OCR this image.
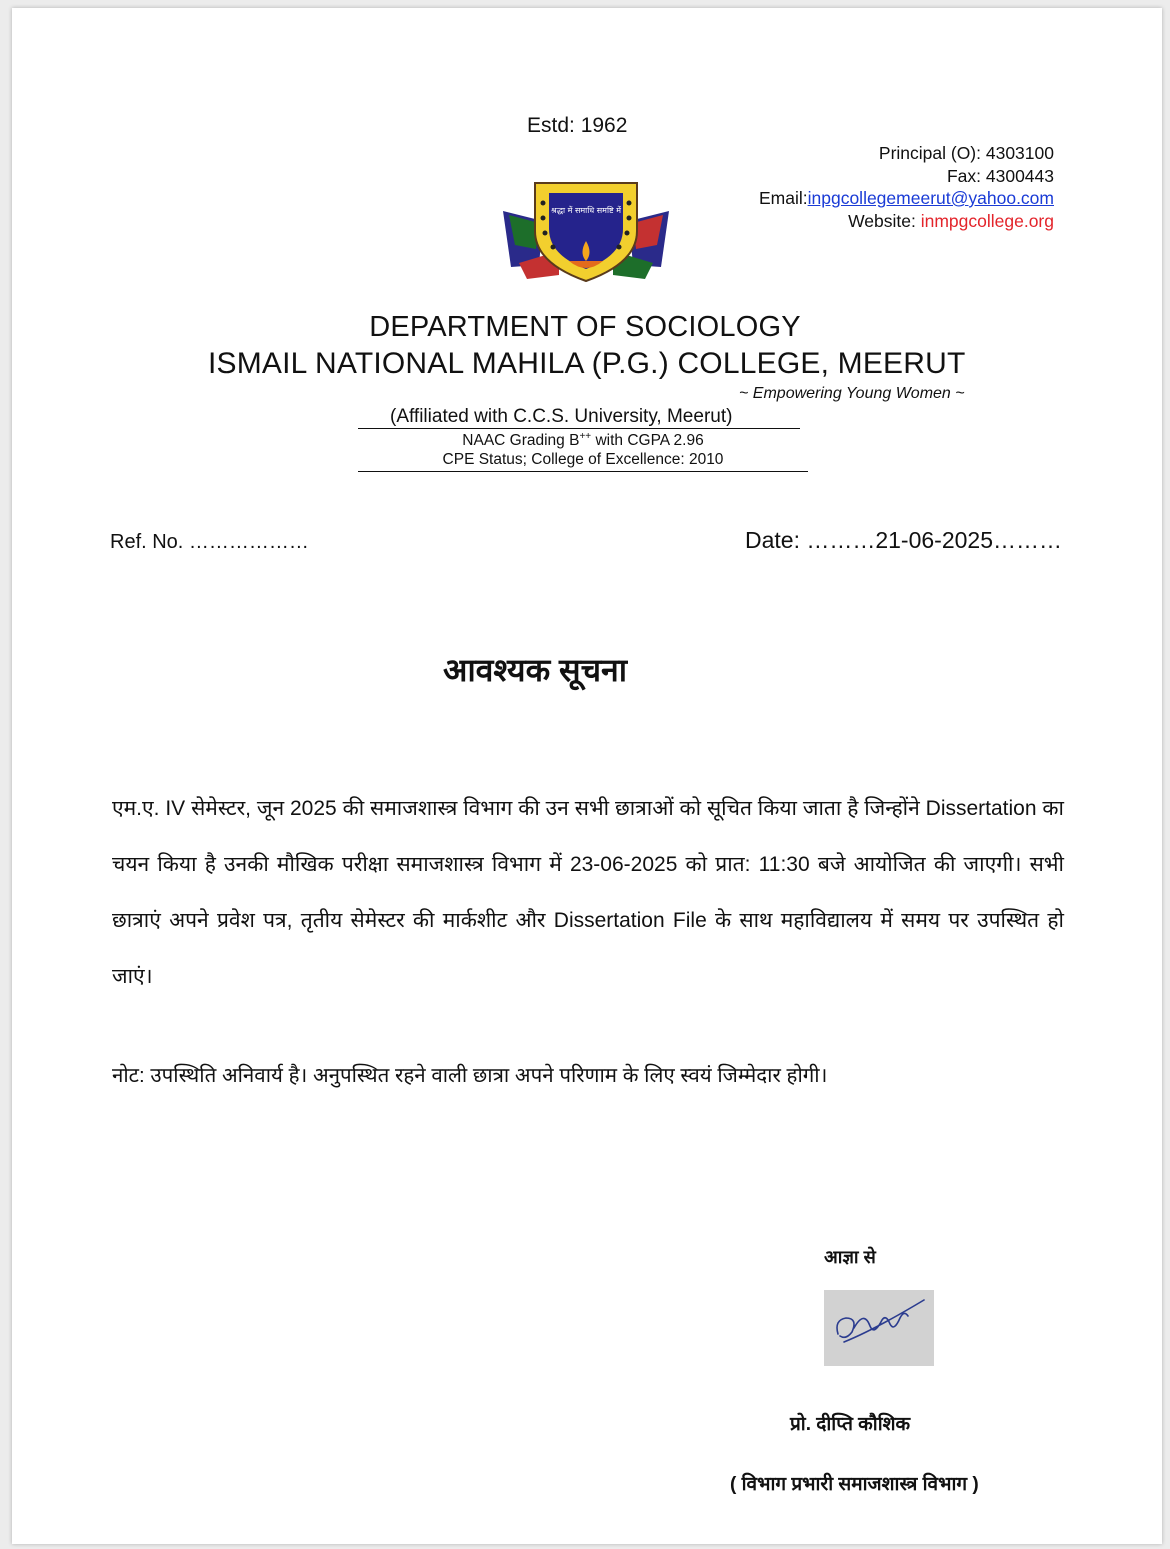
Estd: 1962
Principal (O): 4303100
Fax: 4300443
Email:inpgcollegemeerut@yahoo.com
Website: inmpgcollege.org
श्रद्धा में समाधि समष्टि में
DEPARTMENT OF SOCIOLOGY
ISMAIL NATIONAL MAHILA (P.G.) COLLEGE, MEERUT
~ Empowering Young Women ~
(Affiliated with C.C.S. University, Meerut)
NAAC Grading B++ with CGPA 2.96
CPE Status; College of Excellence: 2010
Ref. No. ………………	Date: ………21-06-2025………
आवश्यक सूचना
एम.ए. IV सेमेस्टर, जून 2025 की समाजशास्त्र विभाग की उन सभी छात्राओं को सूचित किया जाता है जिन्होंने Dissertation का चयन किया है उनकी मौखिक परीक्षा समाजशास्त्र विभाग में 23-06-2025 को प्रात: 11:30 बजे आयोजित की जाएगी। सभी छात्राएं अपने प्रवेश पत्र, तृतीय सेमेस्टर की मार्कशीट और Dissertation File के साथ महाविद्यालय में समय पर उपस्थित हो जाएं।
नोट: उपस्थिति अनिवार्य है। अनुपस्थित रहने वाली छात्रा अपने परिणाम के लिए स्वयं जिम्मेदार होगी।
आज्ञा से
प्रो. दीप्ति कौशिक
( विभाग प्रभारी समाजशास्त्र विभाग )
